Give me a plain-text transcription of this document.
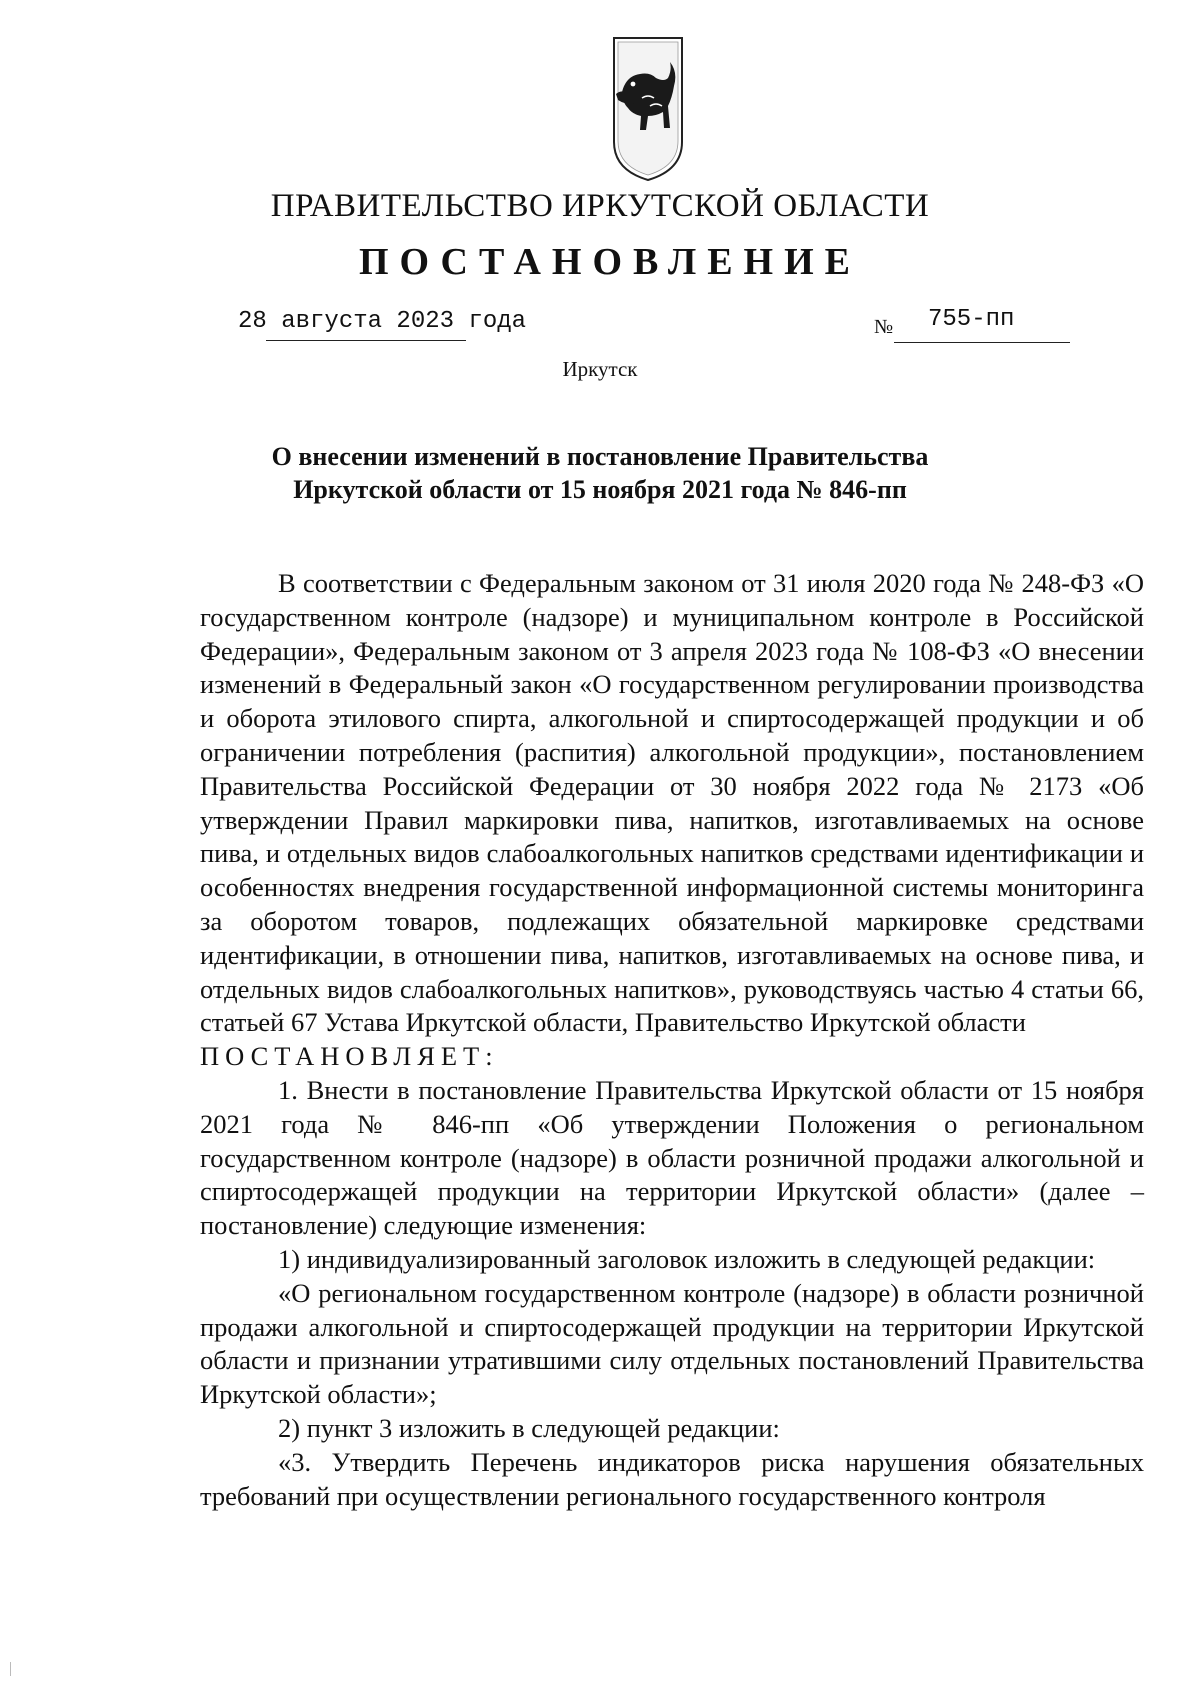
ПРАВИТЕЛЬСТВО ИРКУТСКОЙ ОБЛАСТИ
ПОСТАНОВЛЕНИЕ
28 августа 2023 года	№ 755-пп
Иркутск
О внесении изменений в постановление Правительства
Иркутской области от 15 ноября 2021 года № 846-пп

В соответствии с Федеральным законом от 31 июля 2020 года № 248-ФЗ «О государственном контроле (надзоре) и муниципальном контроле в Российской Федерации», Федеральным законом от 3 апреля 2023 года № 108-ФЗ «О внесении изменений в Федеральный закон «О государственном регулировании производства и оборота этилового спирта, алкогольной и спиртосодержащей продукции и об ограничении потребления (распития) алкогольной продукции», постановлением Правительства Российской Федерации от 30 ноября 2022 года № 2173 «Об утверждении Правил маркировки пива, напитков, изготавливаемых на основе пива, и отдельных видов слабоалкогольных напитков средствами идентификации и особенностях внедрения государственной информационной системы мониторинга за оборотом товаров, подлежащих обязательной маркировке средствами идентификации, в отношении пива, напитков, изготавливаемых на основе пива, и отдельных видов слабоалкогольных напитков», руководствуясь частью 4 статьи 66, статьей 67 Устава Иркутской области, Правительство Иркутской области

ПОСТАНОВЛЯЕТ:

1. Внести в постановление Правительства Иркутской области от 15 ноября 2021 года № 846-пп «Об утверждении Положения о региональном государственном контроле (надзоре) в области розничной продажи алкогольной и спиртосодержащей продукции на территории Иркутской области» (далее – постановление) следующие изменения:

1) индивидуализированный заголовок изложить в следующей редакции:

«О региональном государственном контроле (надзоре) в области розничной продажи алкогольной и спиртосодержащей продукции на территории Иркутской области и признании утратившими силу отдельных постановлений Правительства Иркутской области»;

2) пункт 3 изложить в следующей редакции:

«3. Утвердить Перечень индикаторов риска нарушения обязательных требований при осуществлении регионального государственного контроля
